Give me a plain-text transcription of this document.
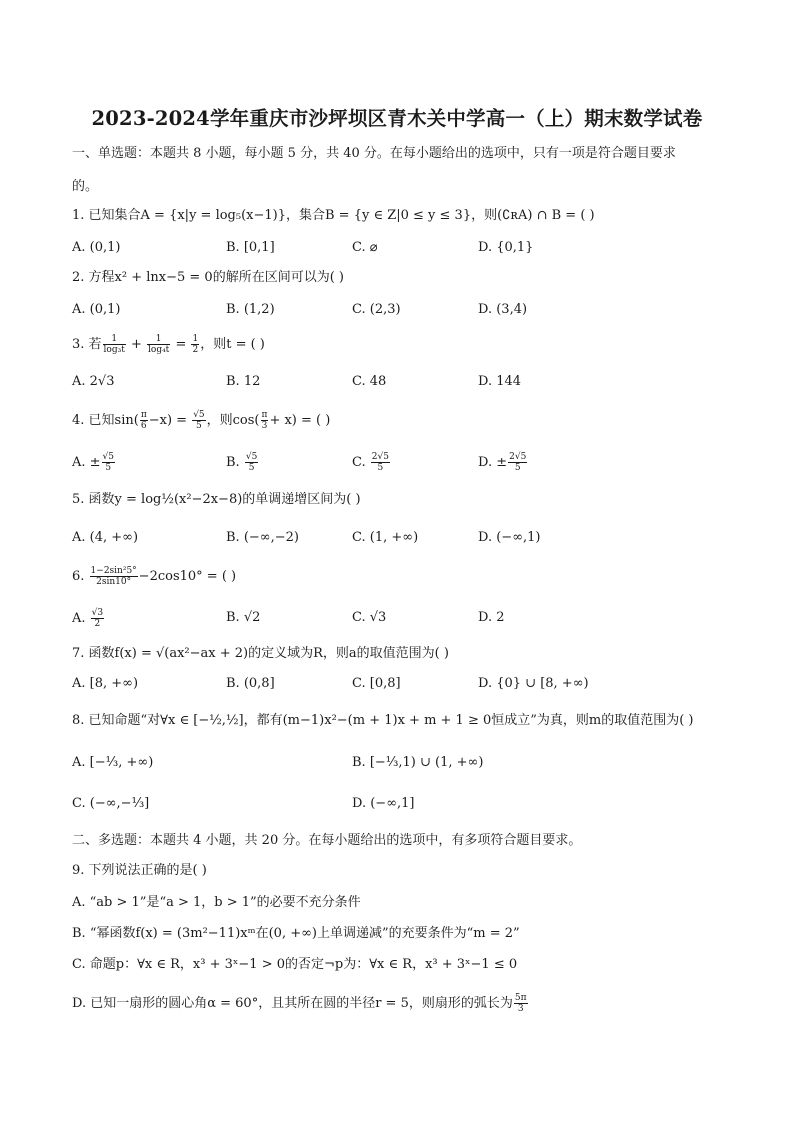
2023-2024学年重庆市沙坪坝区青木关中学高一（上）期末数学试卷
一、单选题：本题共 8 小题，每小题 5 分，共 40 分。在每小题给出的选项中，只有一项是符合题目要求
的。
1. 已知集合A = {x|y = log₅(x−1)}，集合B = {y ∈ Z|0 ≤ y ≤ 3}，则(∁ʀA) ∩ B = ( )
A. (0,1)	B. [0,1]	C. ⌀	D. {0,1}
2. 方程x² + lnx−5 = 0的解所在区间可以为( )
A. (0,1)	B. (1,2)	C. (2,3)	D. (3,4)
3. 若 $\frac{1}{\text{log₃t}} + \frac{1}{\text{log₄t}} = \frac{1}{2}$ ，则t = ( )
A. 2√3	B. 12	C. 48	D. 144
4. 已知$\sin( \frac{\pi}{6} -x) = \frac{√5}{5}$ ，则$\cos( \frac{\pi}{3} + x)$ = ( )
A. ± $\frac{√5}{5}$	B. $\frac{√5}{5}$	C. $\frac{2√5}{5}$	D. ± $\frac{2√5}{5}$
5. 函数y = log½(x²−2x−8)的单调递增区间为( )
A. (4, +∞)	B. (−∞,−2)	C. (1, +∞)	D. (−∞,1)
6. $\frac{\text{1−2sin²5°}}{2\sin 10^\circ} -2\cos 10^\circ$ = ( )
A. $\frac{√3}{2}$	B. √2	C. √3	D. 2
7. 函数f(x) = √(ax²−ax + 2)的定义域为R，则a的取值范围为( )
A. [8, +∞)	B. (0,8]	C. [0,8]	D. {0} ∪ [8, +∞)
8. 已知命题“对∀x ∈ [−½,½]，都有(m−1)x²−(m + 1)x + m + 1 ≥ 0恒成立”为真，则m的取值范围为( )
A. [−⅓, +∞)	B. [−⅓,1) ∪ (1, +∞)
C. (−∞,−⅓]	D. (−∞,1]
二、多选题：本题共 4 小题，共 20 分。在每小题给出的选项中，有多项符合题目要求。
9. 下列说法正确的是( )
A. “ab > 1”是“a > 1，b > 1”的必要不充分条件
B. “幂函数f(x) = (3m²−11)xᵐ在(0, +∞)上单调递减”的充要条件为“m = 2”
C. 命题p：∀x ∈ R，x³ + 3ˣ−1 > 0的否定¬p为：∀x ∈ R，x³ + 3ˣ−1 ≤ 0
D. 已知一扇形的圆心角α = 60°，且其所在圆的半径r = 5，则扇形的弧长为 $\frac{5\pi}{3}$
